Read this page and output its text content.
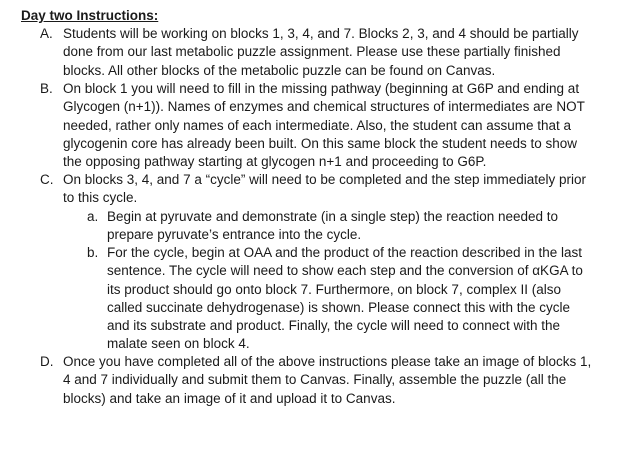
Day two Instructions:
A. Students will be working on blocks 1, 3, 4, and 7. Blocks 2, 3, and 4 should be partially
done from our last metabolic puzzle assignment. Please use these partially finished
blocks. All other blocks of the metabolic puzzle can be found on Canvas.
B. On block 1 you will need to fill in the missing pathway (beginning at G6P and ending at
Glycogen (n+1)). Names of enzymes and chemical structures of intermediates are NOT
needed, rather only names of each intermediate. Also, the student can assume that a
glycogenin core has already been built. On this same block the student needs to show
the opposing pathway starting at glycogen n+1 and proceeding to G6P.
C. On blocks 3, 4, and 7 a “cycle” will need to be completed and the step immediately prior
to this cycle.
a. Begin at pyruvate and demonstrate (in a single step) the reaction needed to
prepare pyruvate’s entrance into the cycle.
b. For the cycle, begin at OAA and the product of the reaction described in the last
sentence. The cycle will need to show each step and the conversion of αKGA to
its product should go onto block 7. Furthermore, on block 7, complex II (also
called succinate dehydrogenase) is shown. Please connect this with the cycle
and its substrate and product. Finally, the cycle will need to connect with the
malate seen on block 4.
D. Once you have completed all of the above instructions please take an image of blocks 1,
4 and 7 individually and submit them to Canvas. Finally, assemble the puzzle (all the
blocks) and take an image of it and upload it to Canvas.
